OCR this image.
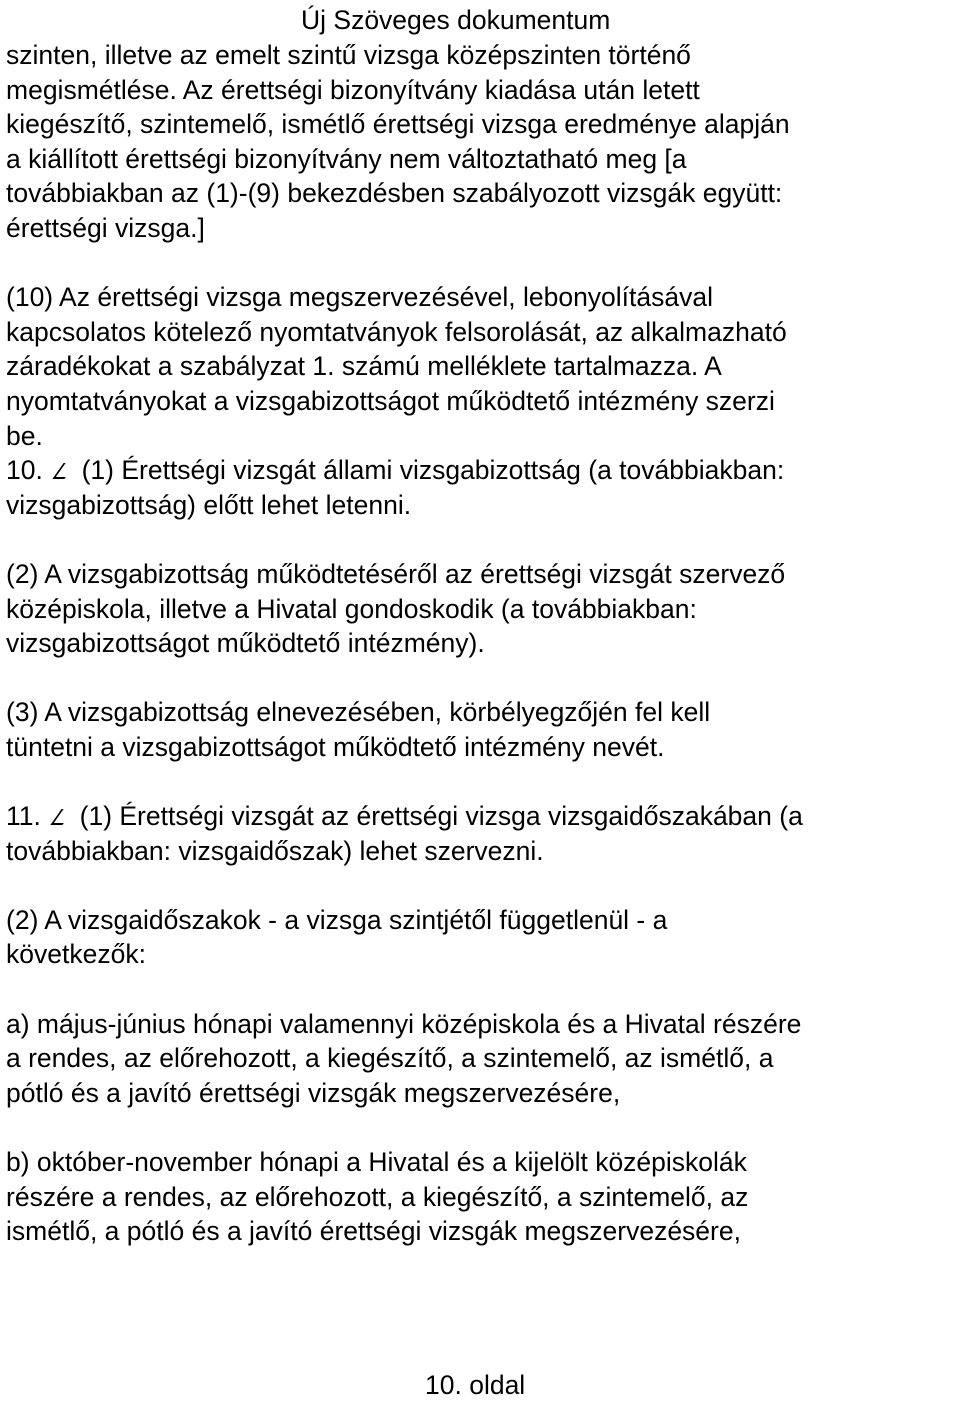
Új Szöveges dokumentum

szinten, illetve az emelt szintű vizsga középszinten történő
megismétlése. Az érettségi bizonyítvány kiadása után letett
kiegészítő, szintemelő, ismétlő érettségi vizsga eredménye alapján
a kiállított érettségi bizonyítvány nem változtatható meg [a
továbbiakban az (1)-(9) bekezdésben szabályozott vizsgák együtt:
érettségi vizsga.]

(10) Az érettségi vizsga megszervezésével, lebonyolításával
kapcsolatos kötelező nyomtatványok felsorolását, az alkalmazható
záradékokat a szabályzat 1. számú melléklete tartalmazza. A
nyomtatványokat a vizsgabizottságot működtető intézmény szerzi
be.

10. (1) Érettségi vizsgát állami vizsgabizottság (a továbbiakban:
vizsgabizottság) előtt lehet letenni.

(2) A vizsgabizottság működtetéséről az érettségi vizsgát szervező
középiskola, illetve a Hivatal gondoskodik (a továbbiakban:
vizsgabizottságot működtető intézmény).

(3) A vizsgabizottság elnevezésében, körbélyegzőjén fel kell
tüntetni a vizsgabizottságot működtető intézmény nevét.

11. (1) Érettségi vizsgát az érettségi vizsga vizsgaidőszakában (a
továbbiakban: vizsgaidőszak) lehet szervezni.

(2) A vizsgaidőszakok - a vizsga szintjétől függetlenül - a
következők:

a) május-június hónapi valamennyi középiskola és a Hivatal részére
a rendes, az előrehozott, a kiegészítő, a szintemelő, az ismétlő, a
pótló és a javító érettségi vizsgák megszervezésére,

b) október-november hónapi a Hivatal és a kijelölt középiskolák
részére a rendes, az előrehozott, a kiegészítő, a szintemelő, az
ismétlő, a pótló és a javító érettségi vizsgák megszervezésére,

10. oldal
